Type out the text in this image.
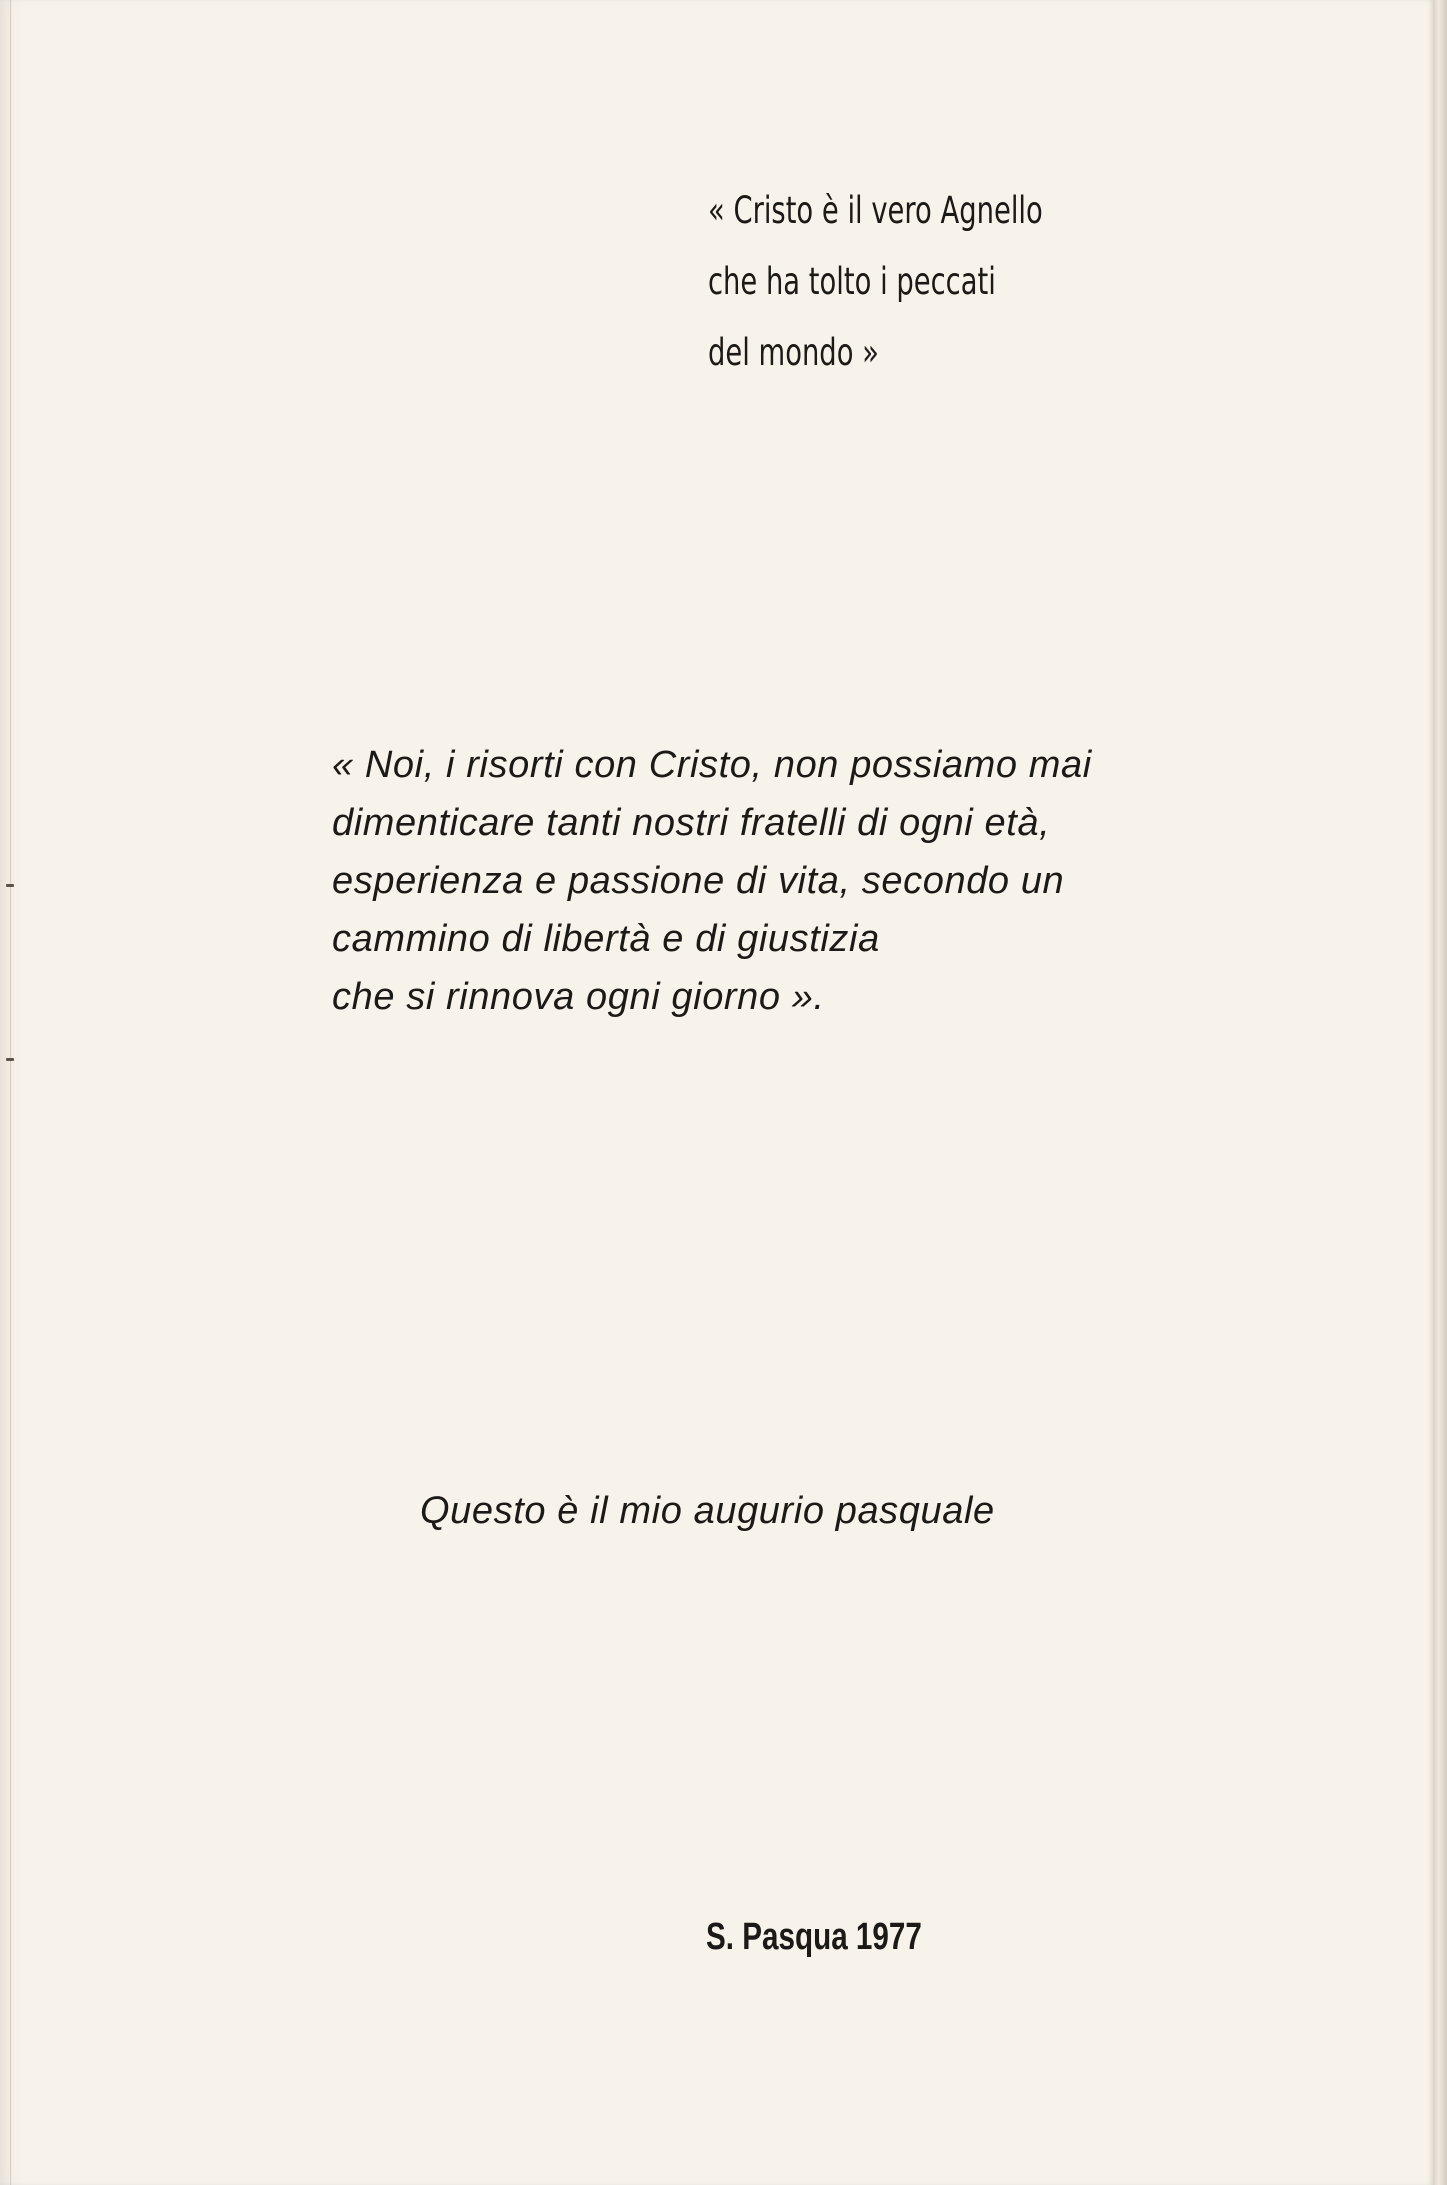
« Cristo è il vero Agnello
che ha tolto i peccati
del mondo »
« Noi, i risorti con Cristo, non possiamo mai
dimenticare tanti nostri fratelli di ogni età,
esperienza e passione di vita, secondo un
cammino di libertà e di giustizia
che si rinnova ogni giorno ».
Questo è il mio augurio pasquale
S. Pasqua 1977
